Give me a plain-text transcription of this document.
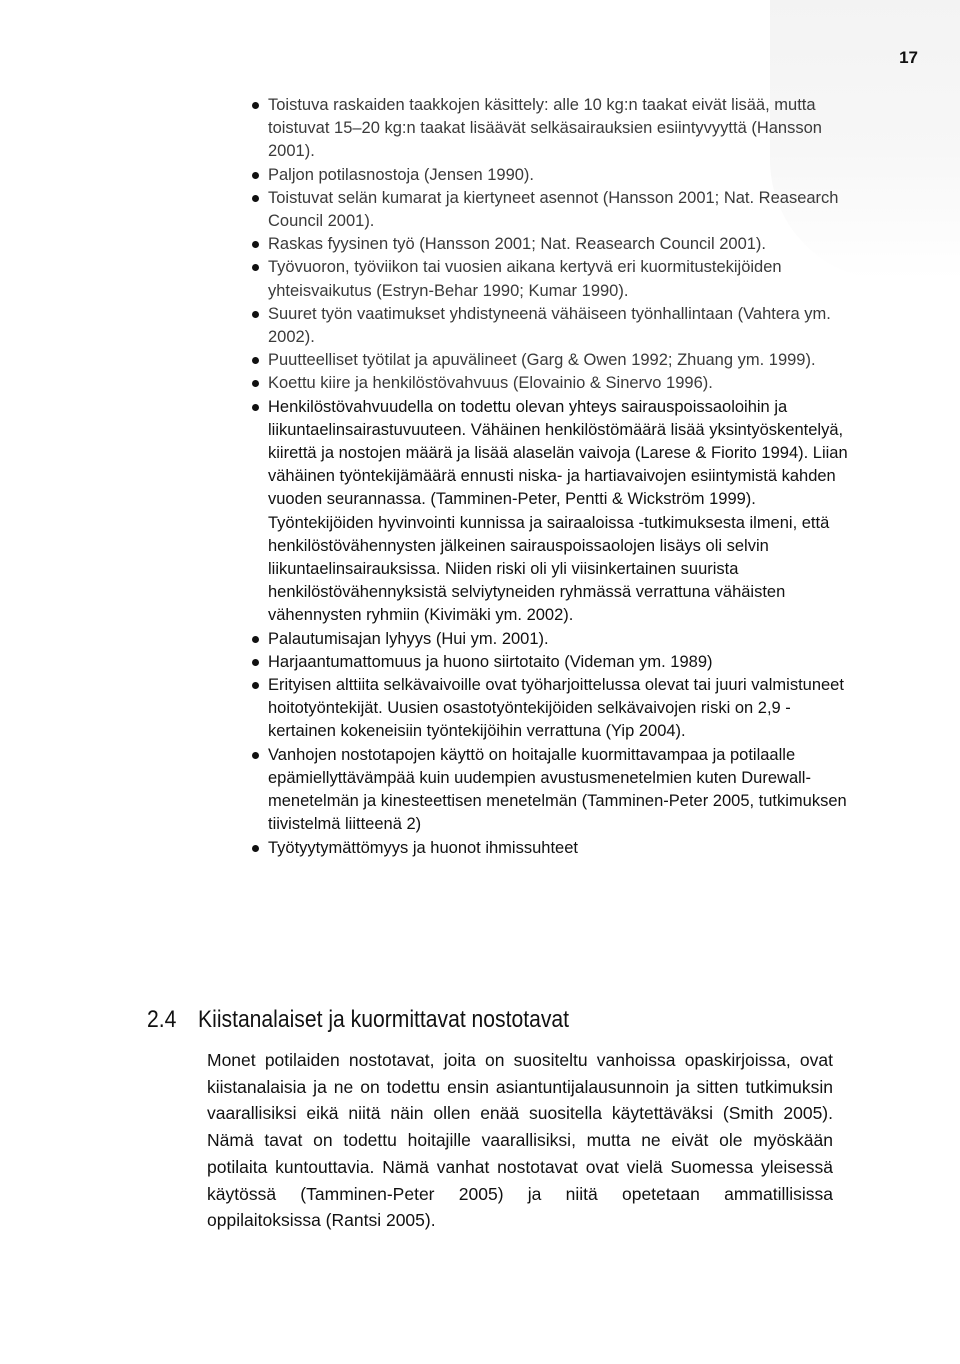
17
Toistuva raskaiden taakkojen käsittely: alle 10 kg:n taakat eivät lisää, mutta toistuvat 15–20 kg:n taakat lisäävät selkäsairauksien esiintyvyyttä (Hansson 2001).
Paljon potilasnostoja (Jensen 1990).
Toistuvat selän kumarat ja kiertyneet asennot (Hansson 2001; Nat. Reasearch Council 2001).
Raskas fyysinen työ (Hansson 2001; Nat. Reasearch Council 2001).
Työvuoron, työviikon tai vuosien aikana kertyvä eri kuormitustekijöiden yhteisvaikutus (Estryn-Behar 1990; Kumar 1990).
Suuret työn vaatimukset yhdistyneenä vähäiseen työnhallintaan (Vahtera ym. 2002).
Puutteelliset työtilat ja apuvälineet (Garg & Owen 1992; Zhuang ym. 1999).
Koettu kiire ja henkilöstövahvuus (Elovainio & Sinervo 1996).
Henkilöstövahvuudella on todettu olevan yhteys sairauspoissaoloihin ja liikuntaelinsairastuvuuteen. Vähäinen henkilöstömäärä lisää yksintyöskentelyä, kiirettä ja nostojen määrä ja lisää alaselän vaivoja (Larese & Fiorito 1994). Liian vähäinen työntekijämäärä ennusti niska- ja hartiavaivojen esiintymistä kahden vuoden seurannassa. (Tamminen-Peter, Pentti & Wickström 1999). Työntekijöiden hyvinvointi kunnissa ja sairaaloissa -tutkimuksesta ilmeni, että henkilöstövähennysten jälkeinen sairauspoissaolojen lisäys oli selvin liikuntaelinsairauksissa. Niiden riski oli yli viisinkertainen suurista henkilöstövähennyksistä selviytyneiden ryhmässä verrattuna vähäisten vähennysten ryhmiin (Kivimäki ym. 2002).
Palautumisajan lyhyys (Hui ym. 2001).
Harjaantumattomuus ja huono siirtotaito (Videman ym. 1989)
Erityisen alttiita selkävaivoille ovat työharjoittelussa olevat tai juuri valmistuneet hoitotyöntekijät. Uusien osastotyöntekijöiden selkävaivojen riski on 2,9 -kertainen kokeneisiin työntekijöihin verrattuna (Yip 2004).
Vanhojen nostotapojen käyttö on hoitajalle kuormittavampaa ja potilaalle epämiellyttävämpää kuin uudempien avustusmenetelmien kuten Durewall-menetelmän ja kinesteettisen menetelmän (Tamminen-Peter 2005, tutkimuksen tiivistelmä liitteenä 2)
Työtyytymättömyys ja huonot ihmissuhteet
2.4 Kiistanalaiset ja kuormittavat nostotavat

Monet potilaiden nostotavat, joita on suositeltu vanhoissa opaskirjoissa, ovat kiistanalaisia ja ne on todettu ensin asiantuntijalausunnoin ja sitten tutkimuksin vaarallisiksi eikä niitä näin ollen enää suositella käytettäväksi (Smith 2005). Nämä tavat on todettu hoitajille vaarallisiksi, mutta ne eivät ole myöskään potilaita kuntouttavia. Nämä vanhat nostotavat ovat vielä Suomessa yleisessä käytössä (Tamminen-Peter 2005) ja niitä opetetaan ammatillisissa oppilaitoksissa (Rantsi 2005).
